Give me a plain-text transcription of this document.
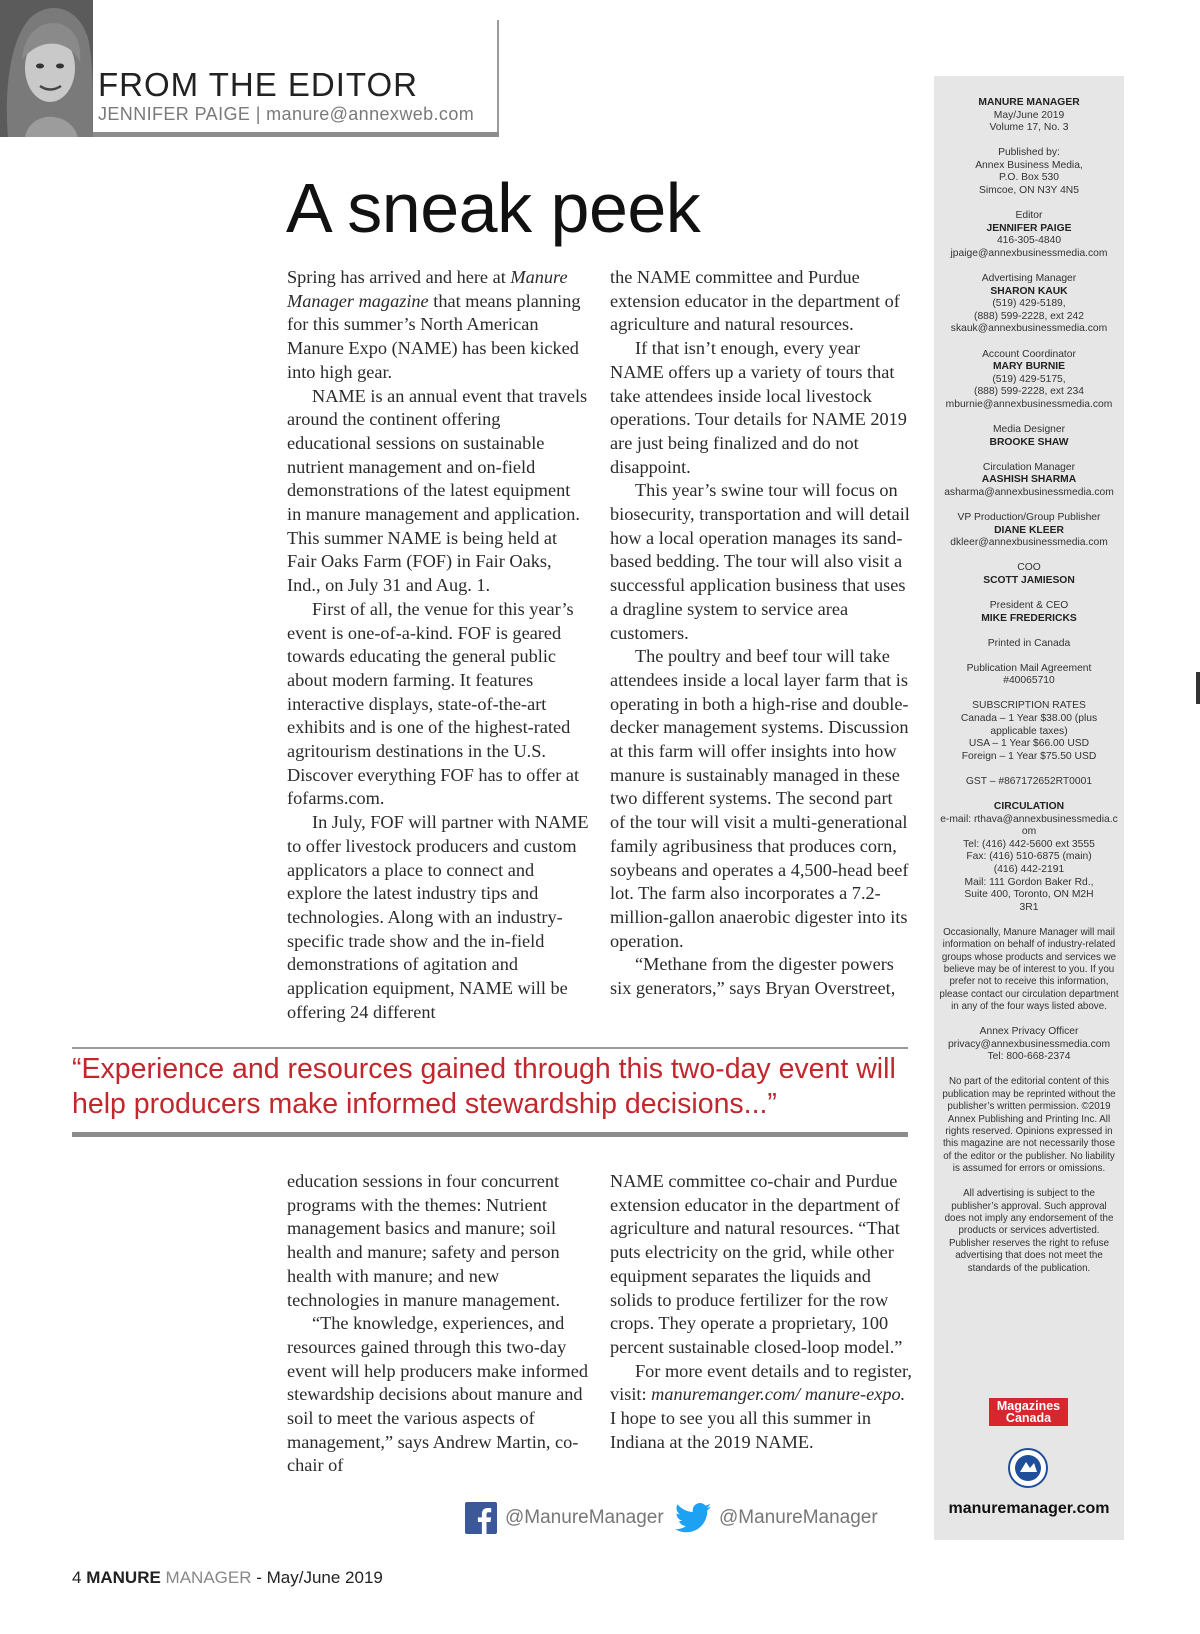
FROM THE EDITOR
JENNIFER PAIGE | manure@annexweb.com
A sneak peek

Spring has arrived and here at Manure Manager magazine that means planning for this summer’s North American Manure Expo (NAME) has been kicked into high gear.

NAME is an annual event that travels around the continent offering educational sessions on sustainable nutrient management and on-field demonstrations of the latest equipment in manure management and application. This summer NAME is being held at Fair Oaks Farm (FOF) in Fair Oaks, Ind., on July 31 and Aug. 1.

First of all, the venue for this year’s event is one-of-a-kind. FOF is geared towards educating the general public about modern farming. It features interactive displays, state-of-the-art exhibits and is one of the highest-rated agritourism destinations in the U.S. Discover everything FOF has to offer at fofarms.com.

In July, FOF will partner with NAME to offer livestock producers and custom applicators a place to connect and explore the latest industry tips and technologies. Along with an industry-specific trade show and the in-field demonstrations of agitation and application equipment, NAME will be offering 24 different

the NAME committee and Purdue extension educator in the department of agriculture and natural resources.

If that isn’t enough, every year NAME offers up a variety of tours that take attendees inside local livestock operations. Tour details for NAME 2019 are just being finalized and do not disappoint.

This year’s swine tour will focus on biosecurity, transportation and will detail how a local operation manages its sand-based bedding. The tour will also visit a successful application business that uses a dragline system to service area customers.

The poultry and beef tour will take attendees inside a local layer farm that is operating in both a high-rise and double-decker management systems. Discussion at this farm will offer insights into how manure is sustainably managed in these two different systems. The second part of the tour will visit a multi-generational family agribusiness that produces corn, soybeans and operates a 4,500-head beef lot. The farm also incorporates a 7.2-million-gallon anaerobic digester into its operation.

“Methane from the digester powers six generators,” says Bryan Overstreet,

“Experience and resources gained through this two-day event will help producers make informed stewardship decisions...”

education sessions in four concurrent programs with the themes: Nutrient management basics and manure; soil health and manure; safety and person health with manure; and new technologies in manure management.

“The knowledge, experiences, and resources gained through this two-day event will help producers make informed stewardship decisions about manure and soil to meet the various aspects of management,” says Andrew Martin, co-chair of

NAME committee co-chair and Purdue extension educator in the department of agriculture and natural resources. “That puts electricity on the grid, while other equipment separates the liquids and solids to produce fertilizer for the row crops. They operate a proprietary, 100 percent sustainable closed-loop model.”

For more event details and to register, visit: manuremanger.com/ manure-expo. I hope to see you all this summer in Indiana at the 2019 NAME.

@ManureManager	@ManureManager
4 MANURE MANAGER - May/June 2019
MANURE MANAGER
May/June 2019
Volume 17, No. 3
Published by:
Annex Business Media,
P.O. Box 530
Simcoe, ON N3Y 4N5
Editor
JENNIFER PAIGE
416-305-4840
jpaige@annexbusinessmedia.com
Advertising Manager
SHARON KAUK
(519) 429-5189,
(888) 599-2228, ext 242
skauk@annexbusinessmedia.com
Account Coordinator
MARY BURNIE
(519) 429-5175,
(888) 599-2228, ext 234
mburnie@annexbusinessmedia.com
Media Designer
BROOKE SHAW
Circulation Manager
AASHISH SHARMA
asharma@annexbusinessmedia.com
VP Production/Group Publisher
DIANE KLEER
dkleer@annexbusinessmedia.com
COO
SCOTT JAMIESON
President & CEO
MIKE FREDERICKS
Printed in Canada
Publication Mail Agreement
#40065710
SUBSCRIPTION RATES
Canada – 1 Year $38.00 (plus applicable taxes)
USA – 1 Year $66.00 USD
Foreign – 1 Year $75.50 USD
GST – #867172652RT0001
CIRCULATION
e-mail: rthava@annexbusinessmedia.com
Tel: (416) 442-5600 ext 3555
Fax: (416) 510-6875 (main) (416) 442-2191
Mail: 111 Gordon Baker Rd., Suite 400, Toronto, ON M2H 3R1
Occasionally, Manure Manager will mail information on behalf of industry-related groups whose products and services we believe may be of interest to you. If you prefer not to receive this information, please contact our circulation department in any of the four ways listed above.
Annex Privacy Officer
privacy@annexbusinessmedia.com
Tel: 800-668-2374
No part of the editorial content of this publication may be reprinted without the publisher’s written permission. ©2019 Annex Publishing and Printing Inc. All rights reserved. Opinions expressed in this magazine are not necessarily those of the editor or the publisher. No liability is assumed for errors or omissions.
All advertising is subject to the publisher’s approval. Such approval does not imply any endorsement of the products or services advertisted. Publisher reserves the right to refuse advertising that does not meet the standards of the publication.
Magazines
Canada
manuremanager.com
